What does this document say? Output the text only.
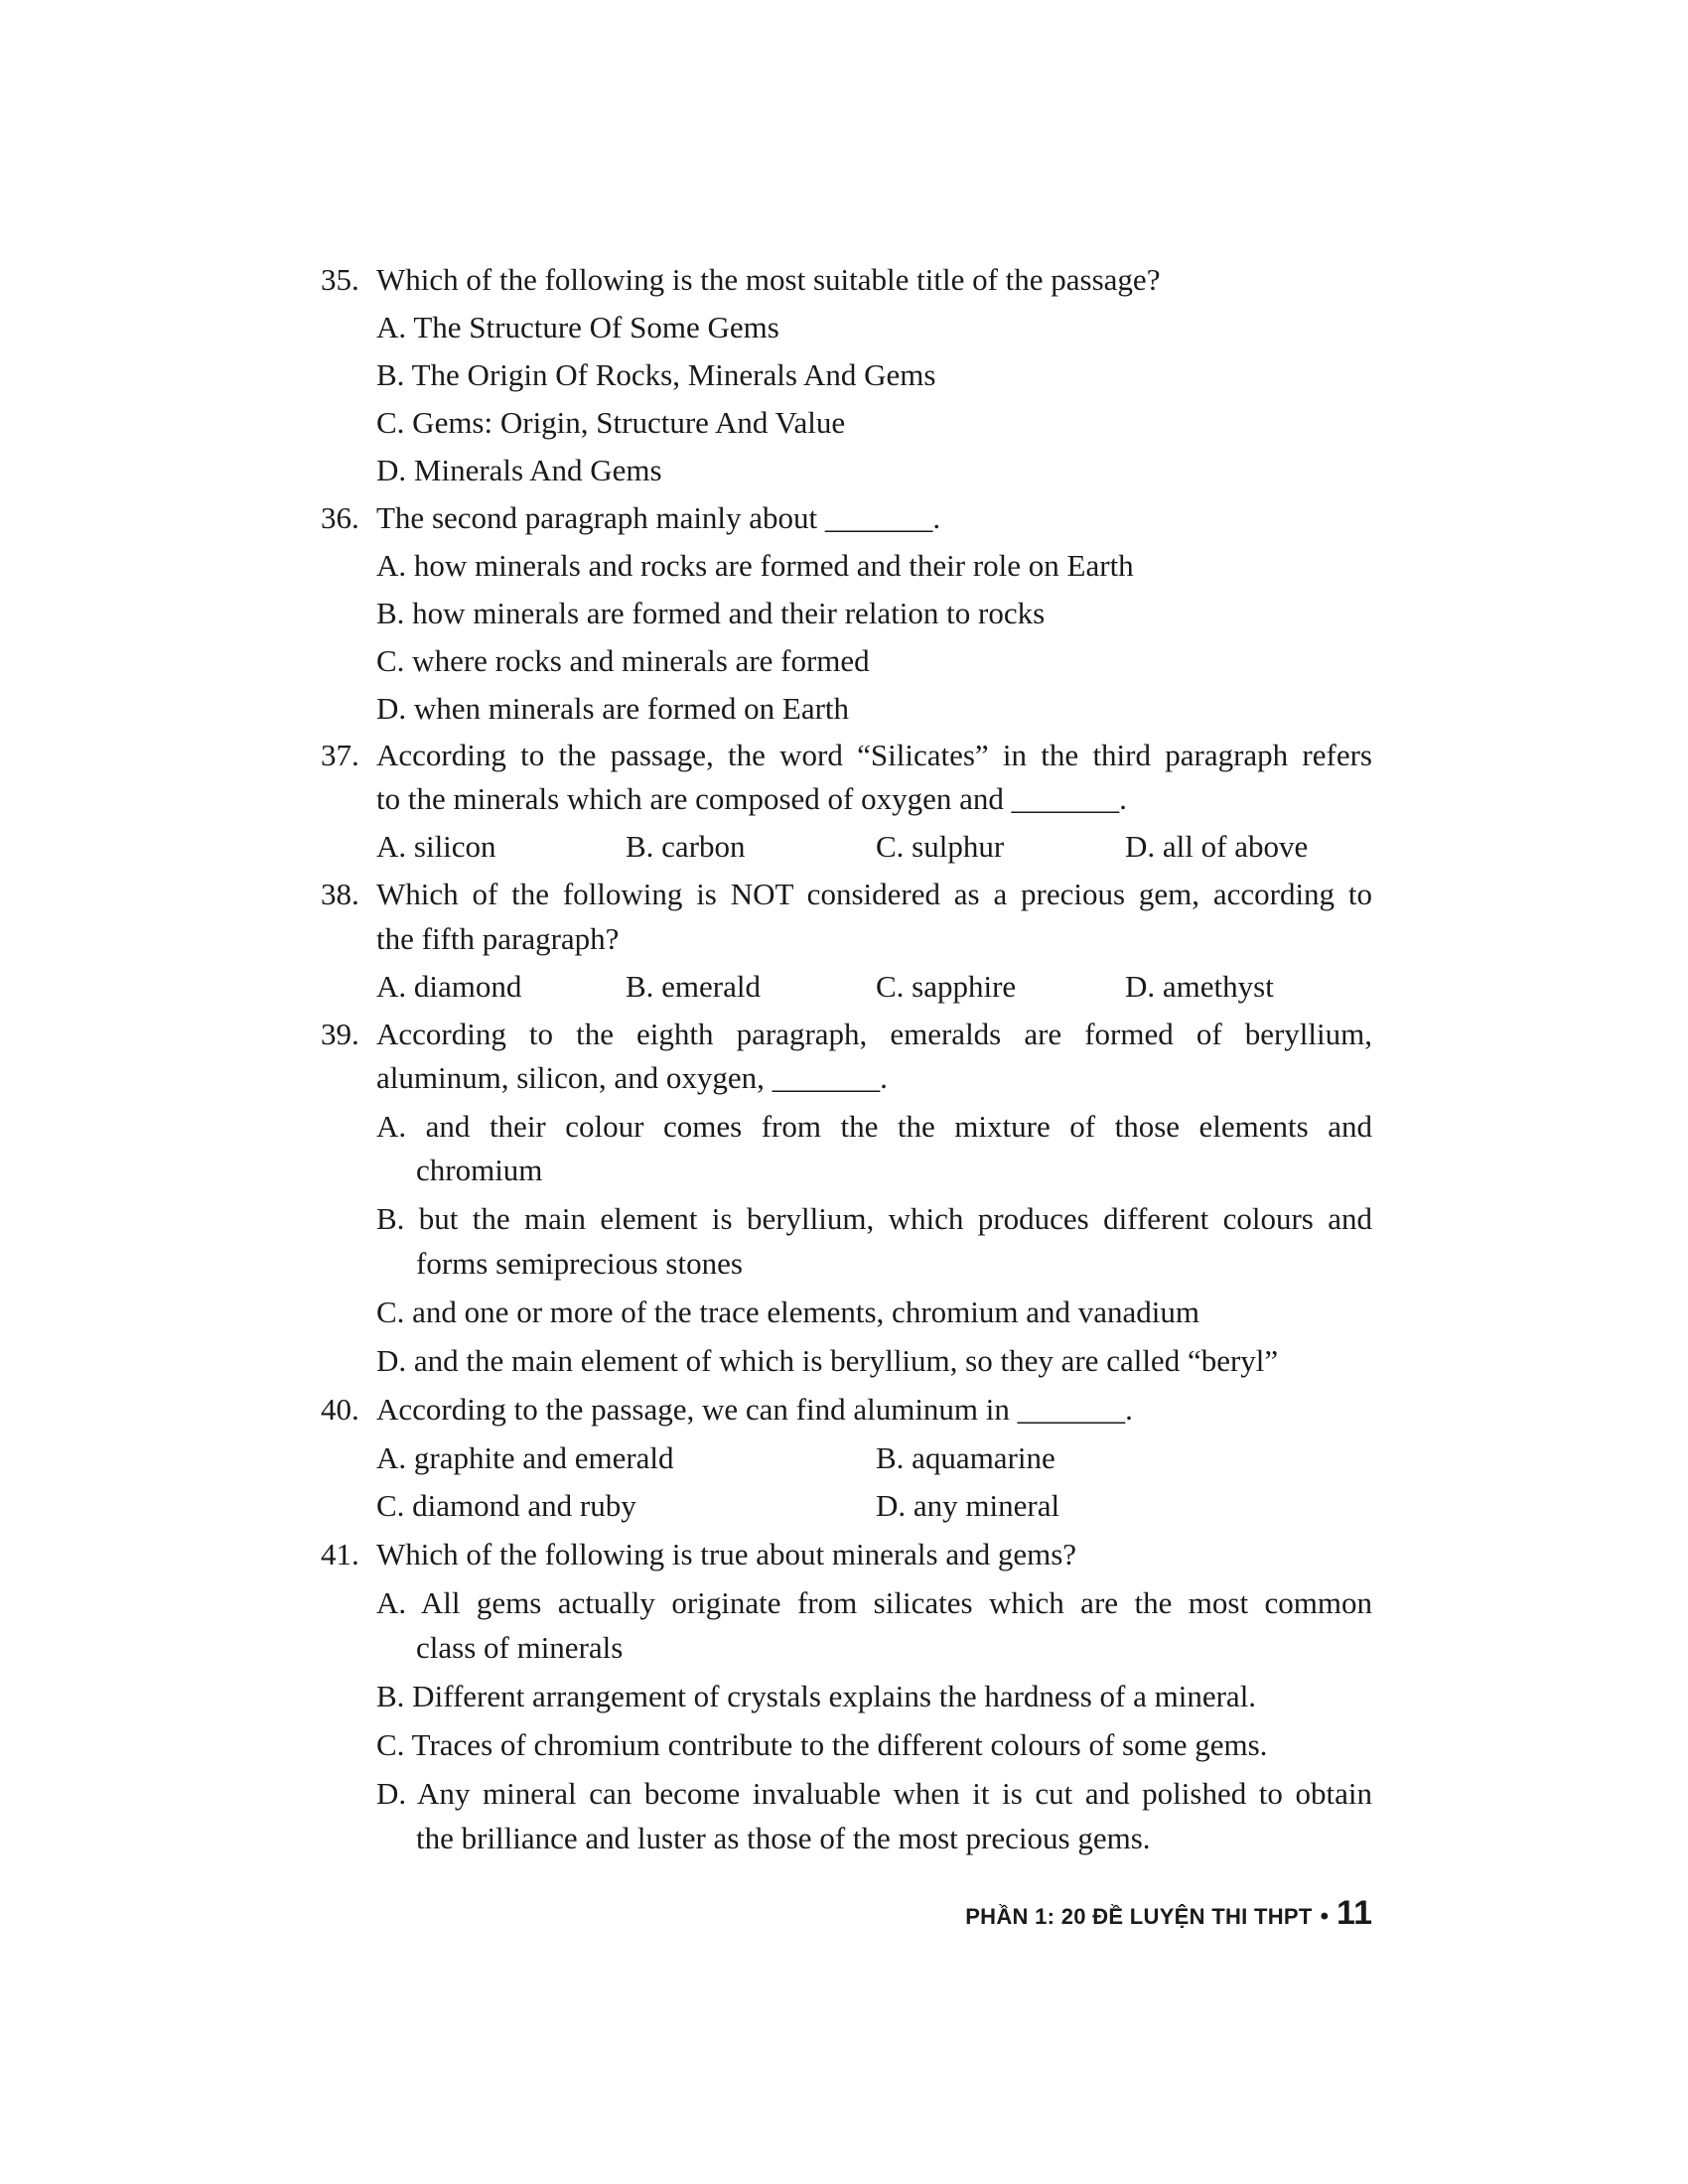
35. Which of the following is the most suitable title of the passage?
A. The Structure Of Some Gems
B. The Origin Of Rocks, Minerals And Gems
C. Gems: Origin, Structure And Value
D. Minerals And Gems
36. The second paragraph mainly about _______.
A. how minerals and rocks are formed and their role on Earth
B. how minerals are formed and their relation to rocks
C. where rocks and minerals are formed
D. when minerals are formed on Earth
37. According to the passage, the word “Silicates” in the third paragraph refers
to the minerals which are composed of oxygen and _______.
A. silicon	B. carbon	C. sulphur	D. all of above
38. Which of the following is NOT considered as a precious gem, according to
the fifth paragraph?
A. diamond	B. emerald	C. sapphire	D. amethyst
39. According to the eighth paragraph, emeralds are formed of beryllium,
aluminum, silicon, and oxygen, _______.
A. and their colour comes from the the mixture of those elements and
chromium
B. but the main element is beryllium, which produces different colours and
forms semiprecious stones
C. and one or more of the trace elements, chromium and vanadium
D. and the main element of which is beryllium, so they are called “beryl”
40. According to the passage, we can find aluminum in _______.
A. graphite and emerald	B. aquamarine
C. diamond and ruby	D. any mineral
41. Which of the following is true about minerals and gems?
A. All gems actually originate from silicates which are the most common
class of minerals
B. Different arrangement of crystals explains the hardness of a mineral.
C. Traces of chromium contribute to the different colours of some gems.
D. Any mineral can become invaluable when it is cut and polished to obtain
the brilliance and luster as those of the most precious gems.
PHẦN 1: 20 ĐỀ LUYỆN THI THPT • 11
